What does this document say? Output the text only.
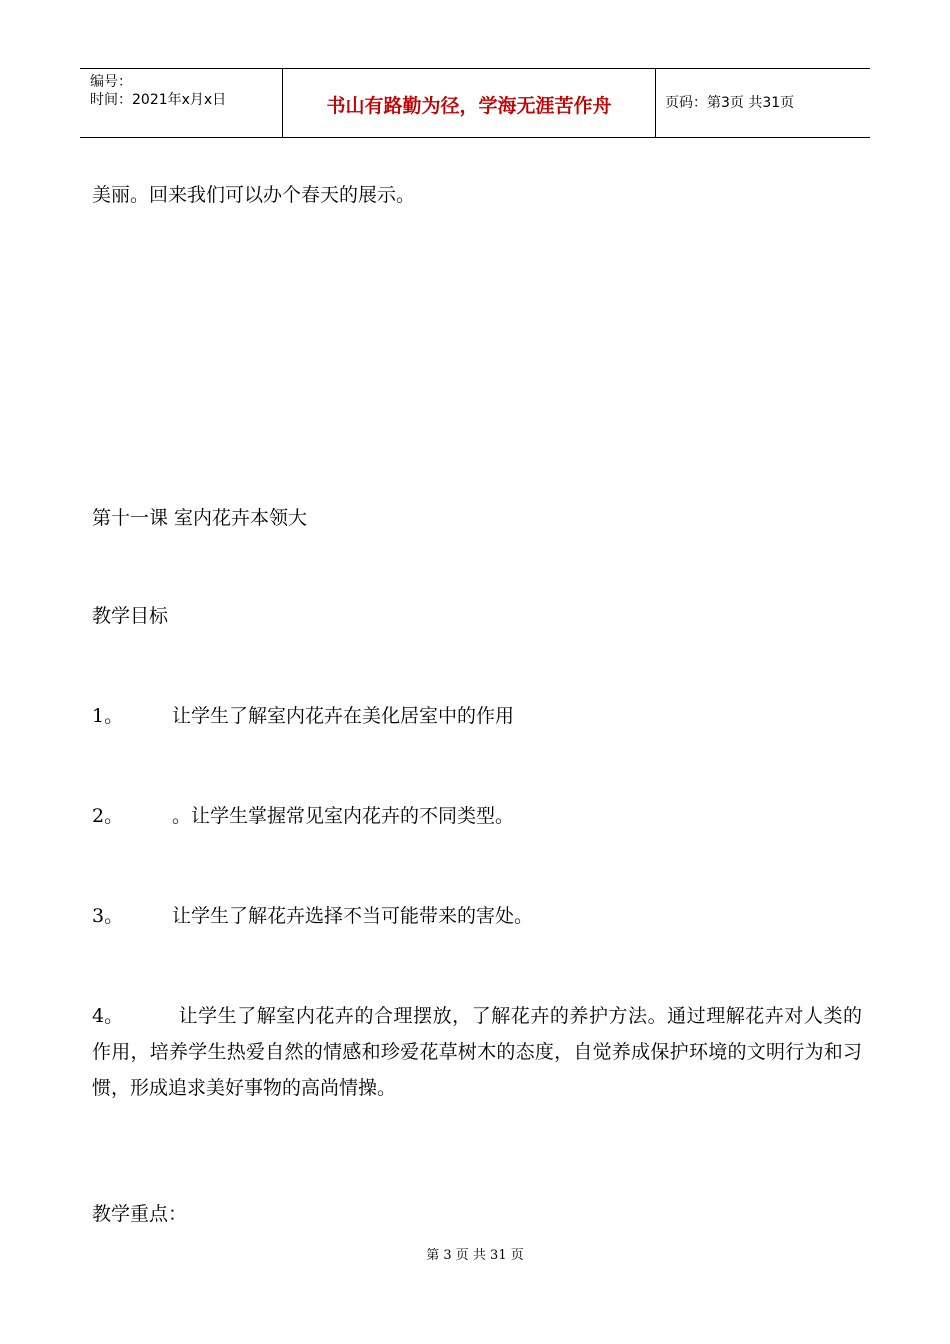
编号：
时间：2021年x月x日	书山有路勤为径，学海无涯苦作舟	页码：第3页 共31页
美丽。回来我们可以办个春天的展示。
第十一课 室内花卉本领大
教学目标
1。	让学生了解室内花卉在美化居室中的作用
2。	。让学生掌握常见室内花卉的不同类型。
3。	让学生了解花卉选择不当可能带来的害处。
4。	让学生了解室内花卉的合理摆放，了解花卉的养护方法。通过理解花卉对人类的作用，培养学生热爱自然的情感和珍爱花草树木的态度，自觉养成保护环境的文明行为和习惯，形成追求美好事物的高尚情操。
教学重点：
第 3 页 共 31 页
